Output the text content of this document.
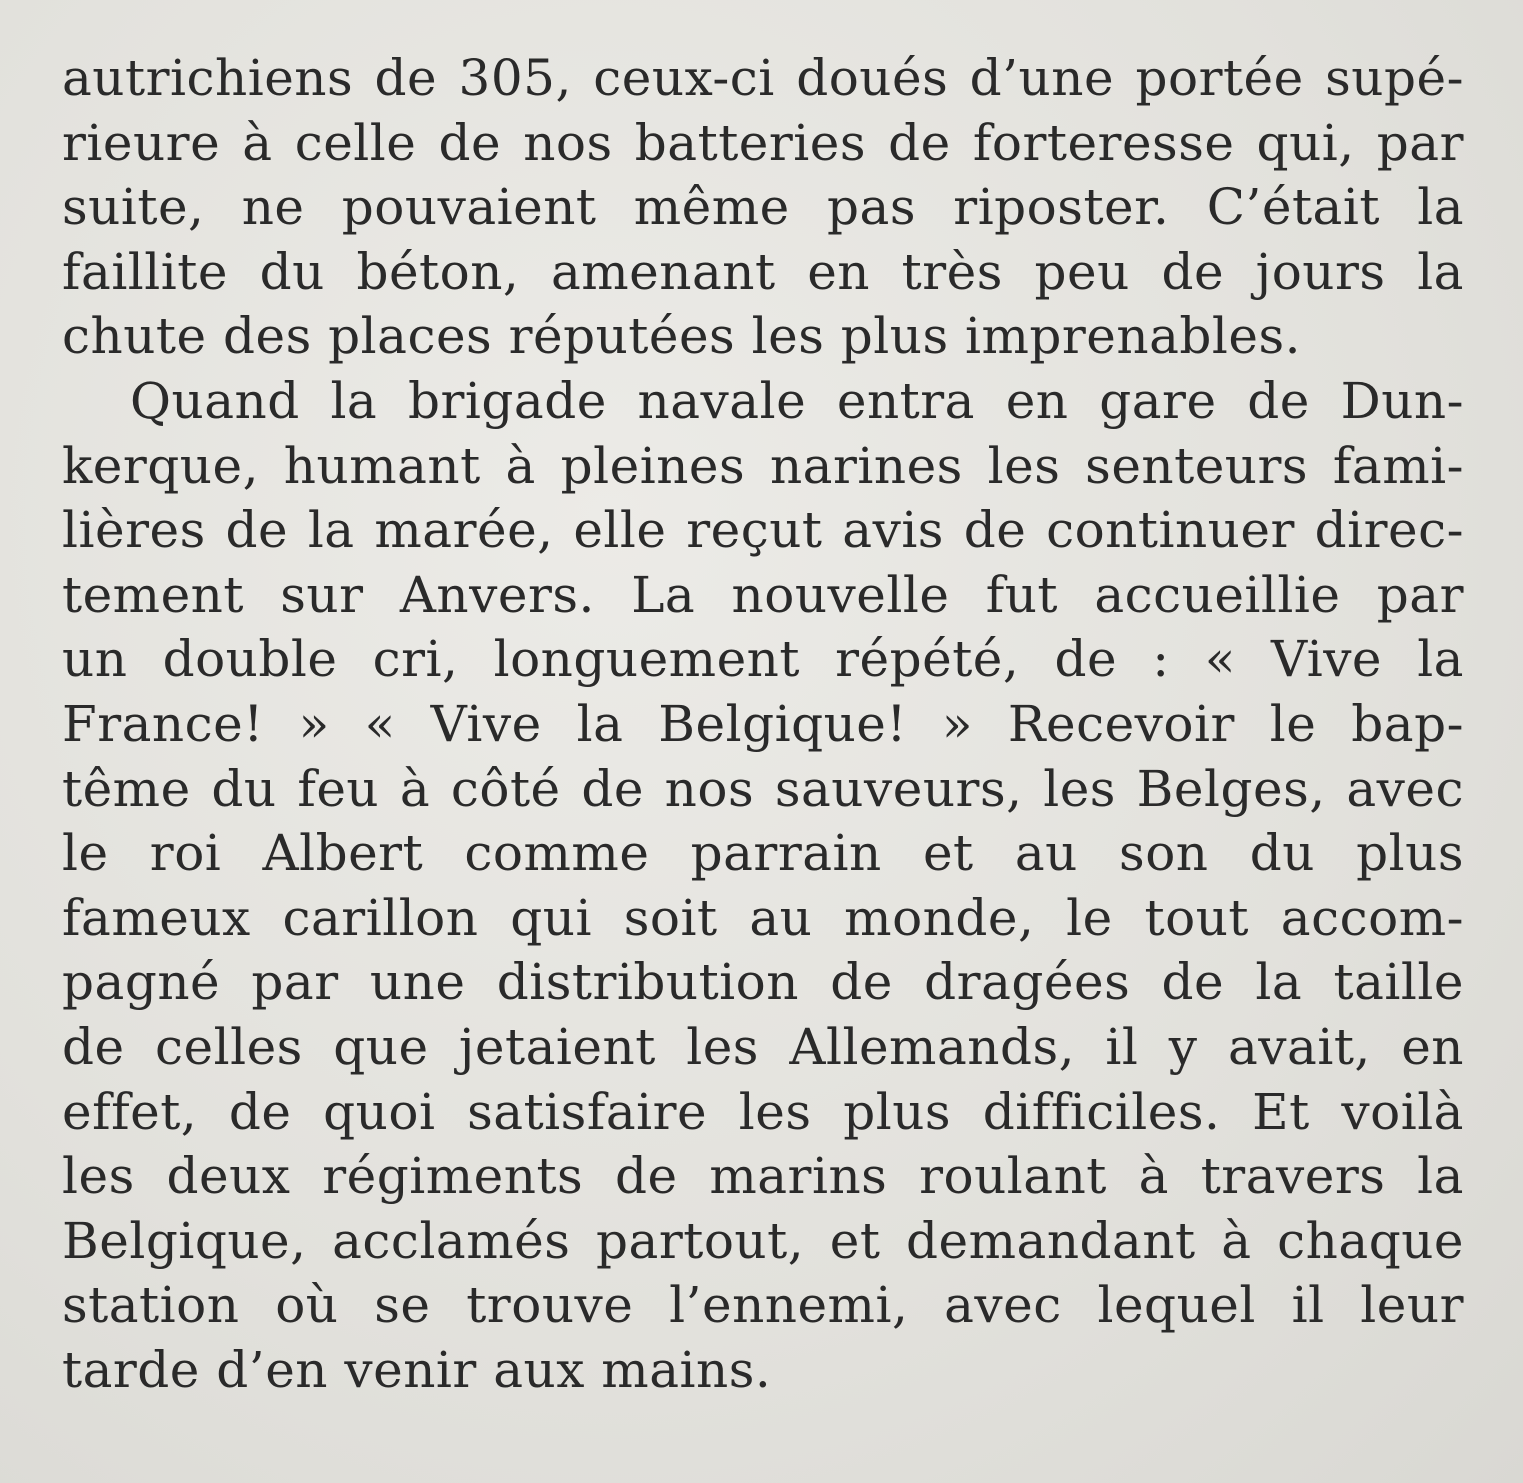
autrichiens de 305, ceux-ci doués d’une portée supé-
rieure à celle de nos batteries de forteresse qui, par
suite, ne pouvaient même pas riposter. C’était la
faillite du béton, amenant en très peu de jours la
chute des places réputées les plus imprenables.
Quand la brigade navale entra en gare de Dun-
kerque, humant à pleines narines les senteurs fami-
lières de la marée, elle reçut avis de continuer direc-
tement sur Anvers. La nouvelle fut accueillie par
un double cri, longuement répété, de : « Vive la
France! » « Vive la Belgique! » Recevoir le bap-
tême du feu à côté de nos sauveurs, les Belges, avec
le roi Albert comme parrain et au son du plus
fameux carillon qui soit au monde, le tout accom-
pagné par une distribution de dragées de la taille
de celles que jetaient les Allemands, il y avait, en
effet, de quoi satisfaire les plus difficiles. Et voilà
les deux régiments de marins roulant à travers la
Belgique, acclamés partout, et demandant à chaque
station où se trouve l’ennemi, avec lequel il leur
tarde d’en venir aux mains.
